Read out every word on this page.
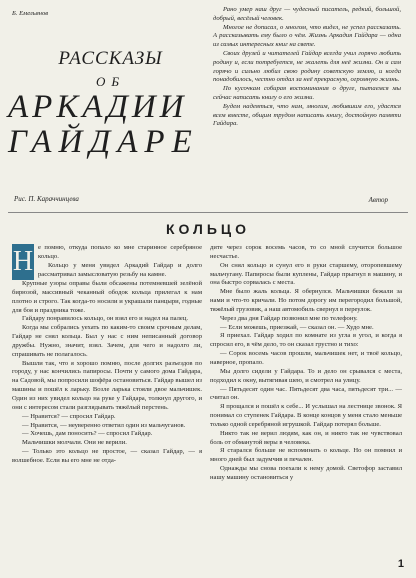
Б. Емельянов
РАССКАЗЫ
ОБ
АРКАДИИ
ГАЙДАРЕ
Рис. П. Караччинцева

Рано умер наш друг — чудесный писатель, редкий, большой, добрый, весёлый человек.

Многое не дописал, о многом, что видел, не успел рассказать. А рассказывать ему было о чём. Жизнь Аркадия Гайдара — одна из самых интересных книг на свете.

Своих друзей и читателей Гайдар всегда учил горячо любить родину и, если потребуется, не жалеть для неё жизни. Он и сам горячо и сильно любил свою родину советскую землю, и когда понадобилось, честно отдал за неё прекрасную, огромную жизнь.

По кусочкам собирая воспоминания о друге, пытаемся мы сейчас написать книгу о его жизни.

Будем надеяться, что нам, многим, любившим его, удастся всем вместе, общим трудом написать книгу, достойную памяти Гайдара.

Автор
КОЛЬЦО
Н е помню, откуда попало ко мне старинное серебряное кольцо.

Кольцо у меня увидел Аркадий Гайдар и долго рассматривал замысловатую резьбу на камне.

Крупные узоры оправы были обсажены потемневшей зелёной бирюзой, массивный чеканный ободок кольца прилегал к нам плотно и строго. Так когда-то носили и украшали панцыри, годные для боя и праздника тоже.

Гайдару понравилось кольцо, он взял его и надел на палец.

Когда мы собрались уехать по каким-то своим срочным делам, Гайдар не снял кольца. Был у нас с ним неписанный договор дружбы. Нужно, значит, взял. Зачем, для чего и надолго ли, спрашивать не полагалось.

Вышли так, что я хорошо помню, после долгих разъездов по городу, у нас кончились папиросы. Почти у самого дома Гайдара, на Садовой, мы попросили шофёра остановиться. Гайдар вышел из машины и пошёл к ларьку. Возле ларька стояли двое мальчишек. Один из них увидел кольцо на руке у Гайдара, толкнул другого, и они с интересом стали разглядывать тяжёлый перстень.

— Нравится? — спросил Гайдар.

— Нравится, — неуверенно ответил один из мальчуганов.

— Хочешь, дам поносить? — спросил Гайдар.

Мальчишки молчали. Они не верили.

— Только это кольцо не простое, — сказал Гайдар, — я волшебное. Если вы его мне не отда-

дите через сорок восемь часов, то со мной случится большое несчастье.

Он снял кольцо и сунул его в руки старшему, оторопевшему мальчугану. Папиросы были куплены, Гайдар прыгнул в машину, и она быстро сорвалась с места.

Мне было жаль кольца. Я обернулся. Мальчишки бежали за нами и что-то кричали. Но потом дорогу им перегородил большой, тяжёлый грузовик, а наш автомобиль свернул в переулок.

Через два дня Гайдар позвонил мне по телефону.

— Если можешь, приезжай, — сказал он. — Худо мне.

Я приехал. Гайдар ходил по комнате из угла в угол, и когда я спросил его, в чём дело, то он сказал грустно и тихо:

— Сорок восемь часов прошли, мальчишек нет, и твоё кольцо, наверное, пропало.

Мы долго сидели у Гайдара. То и дело он срывался с места, подходил к окну, вытягивая шею, и смотрел на улицу.

— Пятьдесят один час. Пятьдесят два часа, пятьдесят три... — считал он.

Я прощался и пошёл к себе... И услышал на лестнице звонок. Я понимал со ступенек Гайдара. В конце концов у меня стало меньше только одной серебряной игрушкой. Гайдар потерял больше.

Никто так не верил людям, как он, и никто так не чувствовал боль от обманутой веры в человека.

Я старался больше не вспоминать о кольце. Но он помнил и много дней был задумчив и печален.

Однажды мы снова поехали к нему домой. Светофор заставил нашу машину остановиться у

1
